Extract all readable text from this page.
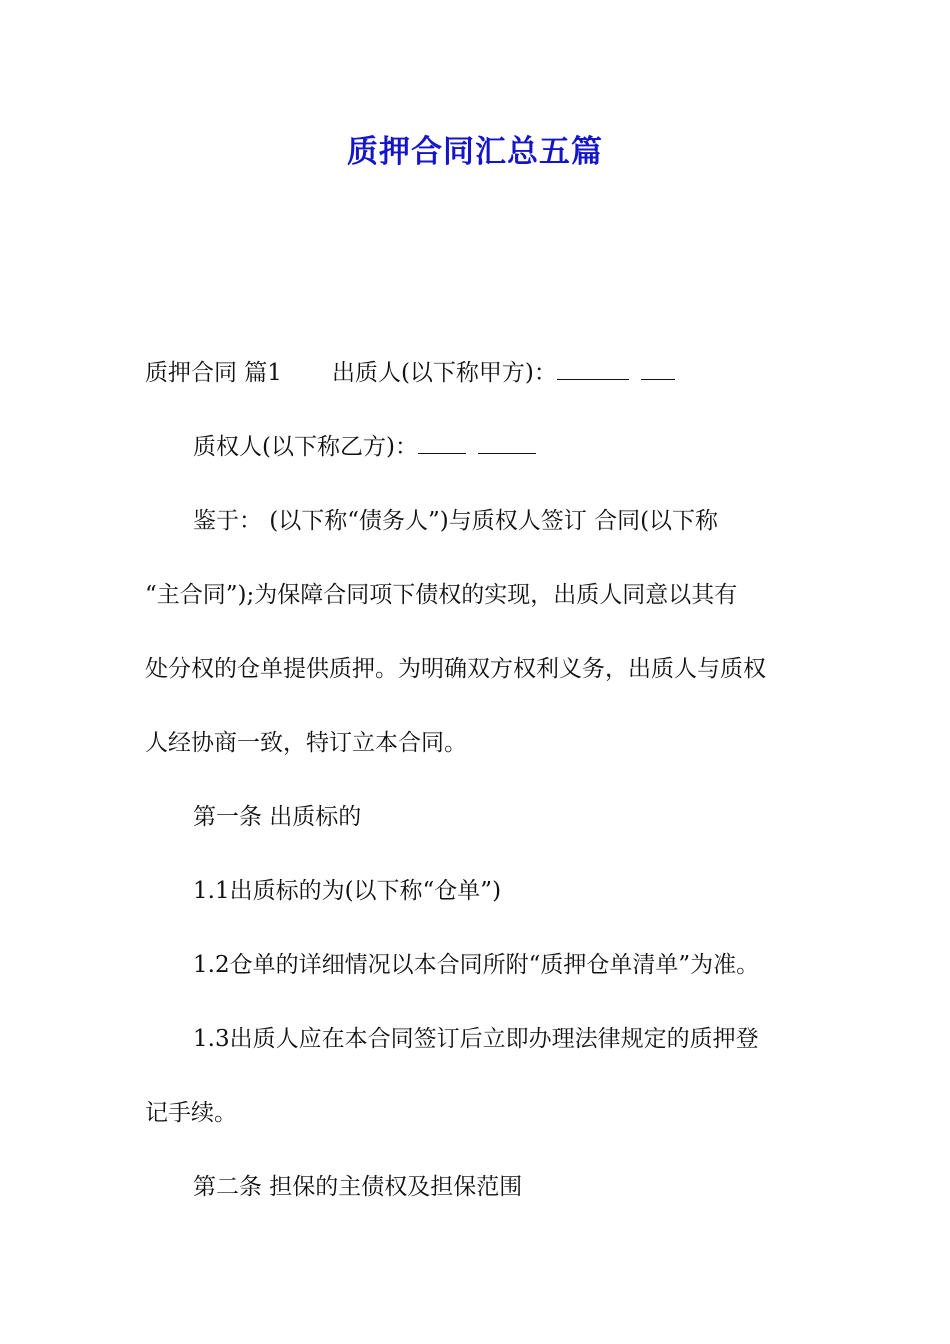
质押合同汇总五篇
质押合同 篇1 出质人(以下称甲方)：
质权人(以下称乙方)：
鉴于： (以下称“债务人”)与质权人签订 合同(以下称
“主合同”);为保障合同项下债权的实现，出质人同意以其有
处分权的仓单提供质押。为明确双方权利义务，出质人与质权
人经协商一致，特订立本合同。
第一条 出质标的
1.1出质标的为(以下称“仓单”)
1.2仓单的详细情况以本合同所附“质押仓单清单”为准。
1.3出质人应在本合同签订后立即办理法律规定的质押登
记手续。
第二条 担保的主债权及担保范围
